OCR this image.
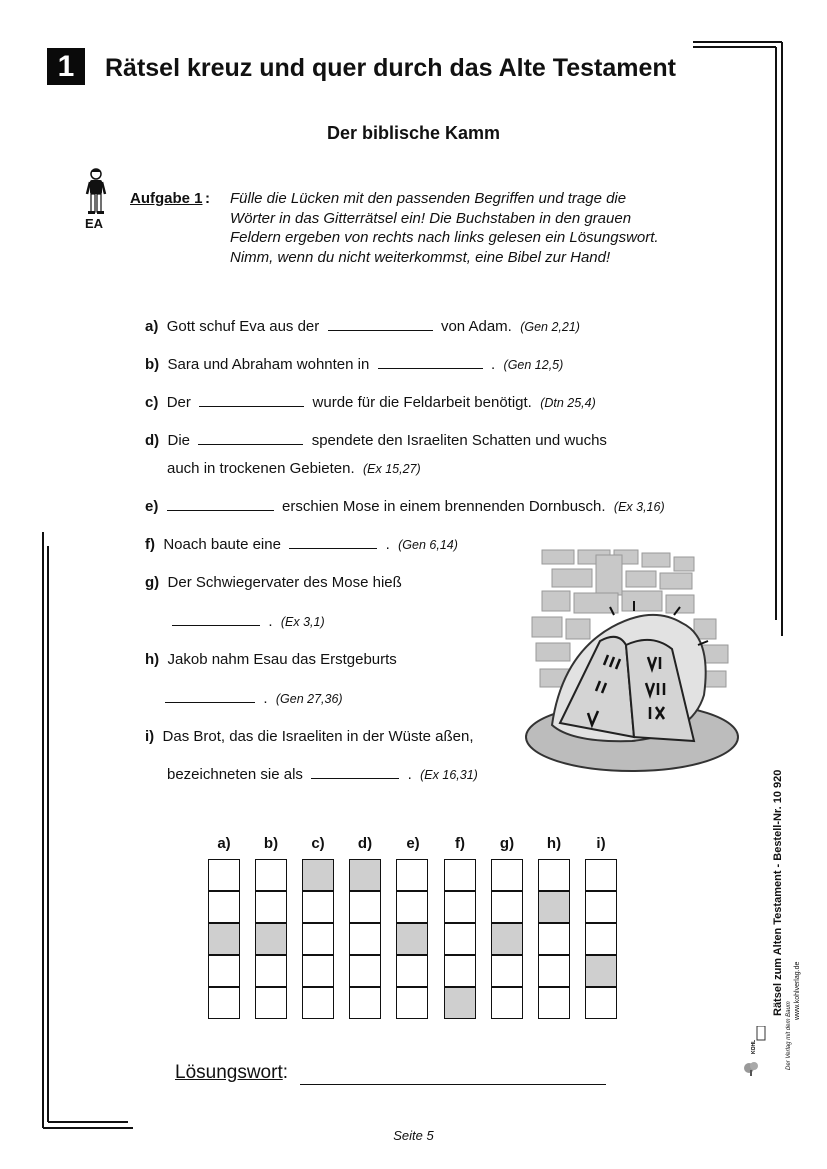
1	Rätsel kreuz und quer durch das Alte Testament
Der biblische Kamm
EA
Aufgabe 1 : Fülle die Lücken mit den passenden Begriffen und trage die
Wörter in das Gitterrätsel ein! Die Buchstaben in den grauen
Feldern ergeben von rechts nach links gelesen ein Lösungswort.
Nimm, wenn du nicht weiterkommst, eine Bibel zur Hand!
a) Gott schuf Eva aus der	von Adam. (Gen 2,21)
b) Sara und Abraham wohnten in	. (Gen 12,5)
c) Der	wurde für die Feldarbeit benötigt. (Dtn 25,4)
d) Die	spendete den Israeliten Schatten und wuchs
auch in trockenen Gebieten. (Ex 15,27)
e)	erschien Mose in einem brennenden Dornbusch. (Ex 3,16)
f) Noach baute eine	. (Gen 6,14)
g) Der Schwiegervater des Mose hieß
. (Ex 3,1)
h) Jakob nahm Esau das Erstgeburts
. (Gen 27,36)
i) Das Brot, das die Israeliten in der Wüste aßen,
bezeichneten sie als	. (Ex 16,31)
a)	b)	c)	d)	e)	f)	g)	h)	i)
Lösungswort:
Seite 5
Rätsel zum Alten Testament - Bestell-Nr. 10 920 www.kohlverlag.de
Der Verlag mit dem Baum
KOHL
